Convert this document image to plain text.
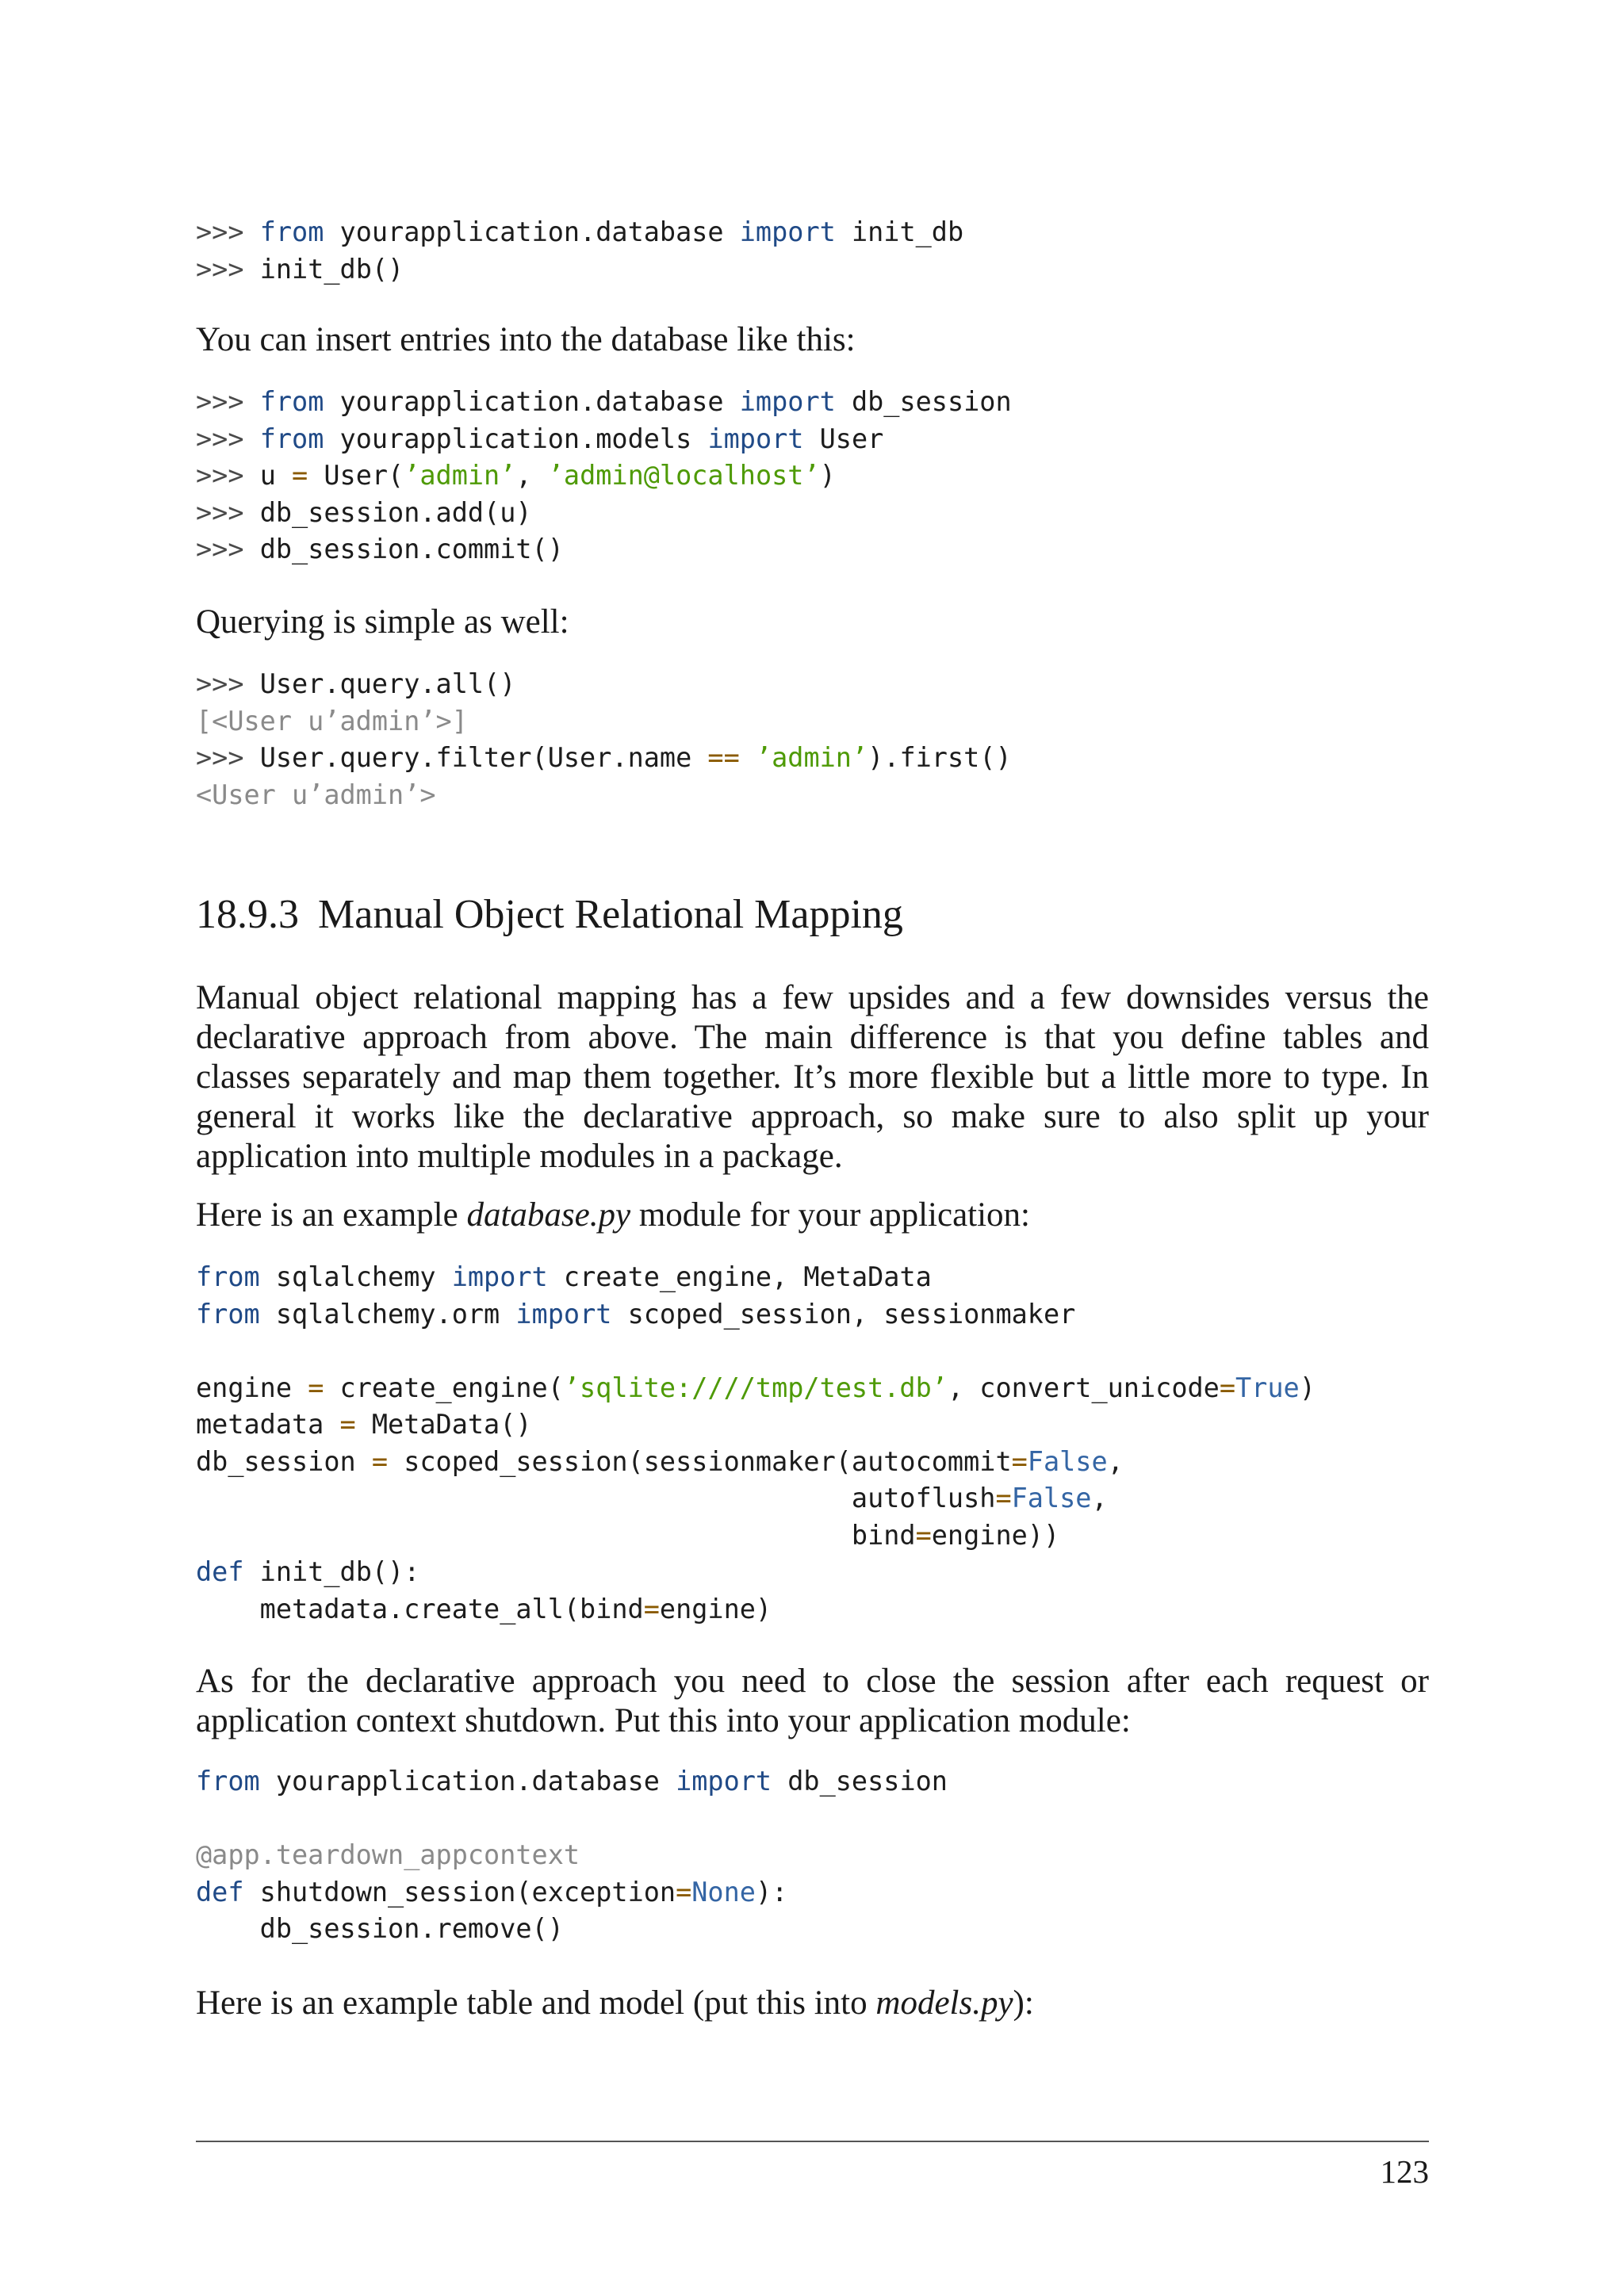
>>> from yourapplication.database import init_db
>>> init_db()

You can insert entries into the database like this:

>>> from yourapplication.database import db_session
>>> from yourapplication.models import User
>>> u = User(’admin’, ’admin@localhost’)
>>> db_session.add(u)
>>> db_session.commit()

Querying is simple as well:

>>> User.query.all()
[<User u’admin’>]
>>> User.query.filter(User.name == ’admin’).first()
<User u’admin’>
18.9.3 Manual Object Relational Mapping

Manual object relational mapping has a few upsides and a few downsides versus the declarative approach from above. The main difference is that you define tables and classes separately and map them together. It’s more flexible but a little more to type. In general it works like the declarative approach, so make sure to also split up your application into multiple modules in a package.

Here is an example database.py module for your application:

from sqlalchemy import create_engine, MetaData
from sqlalchemy.orm import scoped_session, sessionmaker

engine = create_engine(’sqlite:////tmp/test.db’, convert_unicode=True)
metadata = MetaData()
db_session = scoped_session(sessionmaker(autocommit=False,
autoflush=False,
bind=engine))
def init_db():
metadata.create_all(bind=engine)

As for the declarative approach you need to close the session after each request or application context shutdown. Put this into your application module:

from yourapplication.database import db_session

@app.teardown_appcontext
def shutdown_session(exception=None):
db_session.remove()

Here is an example table and model (put this into models.py):

123
